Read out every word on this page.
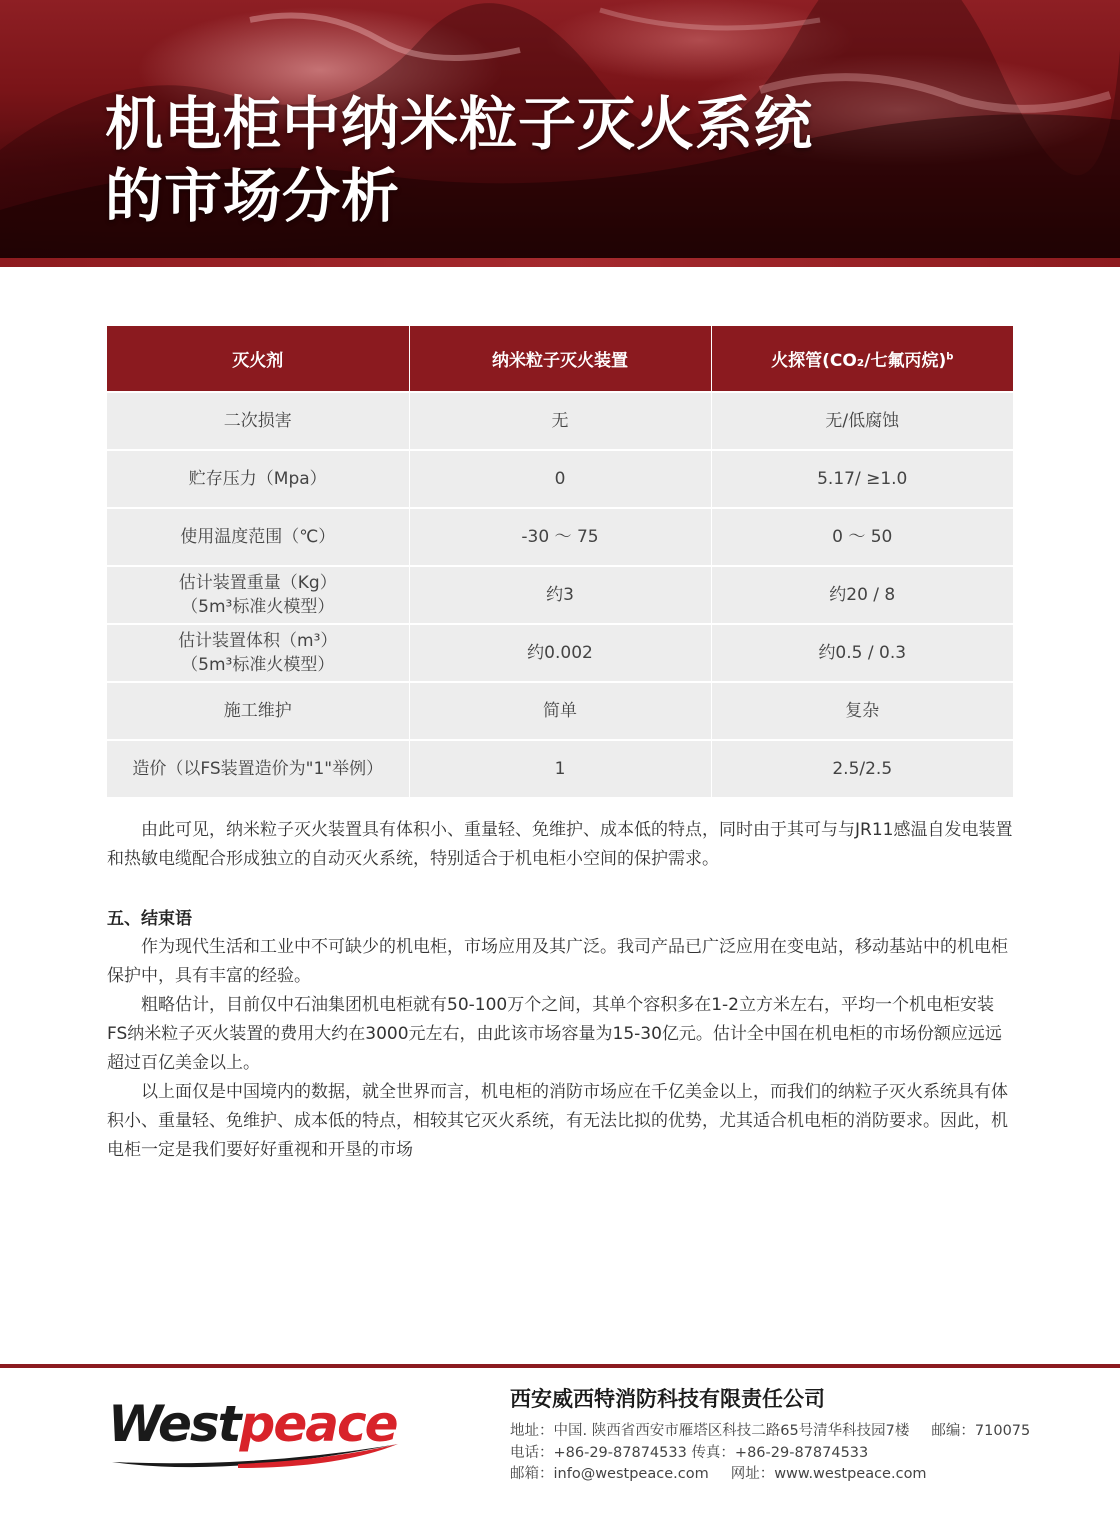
机电柜中纳米粒子灭火系统
的市场分析
灭火剂	纳米粒子灭火装置	火探管(CO₂/七氟丙烷)$^b$

二次损害	无	无/低腐蚀

贮存压力（Mpa）	0	5.17/ ≥1.0

使用温度范围（℃）	-30 ～ 75	0 ～ 50

估计装置重量（Kg）
（5m³标准火模型）	约3	约20 / 8

估计装置体积（m³）
（5m³标准火模型）	约0.002	约0.5 / 0.3

施工维护	简单	复杂

造价（以FS装置造价为"1"举例）	1	2.5/2.5

由此可见，纳米粒子灭火装置具有体积小、重量轻、免维护、成本低的特点，同时由于其可与与JR11感温自发电装置和热敏电缆配合形成独立的自动灭火系统，特别适合于机电柜小空间的保护需求。

五、结束语

作为现代生活和工业中不可缺少的机电柜，市场应用及其广泛。我司产品已广泛应用在变电站，移动基站中的机电柜保护中，具有丰富的经验。

粗略估计，目前仅中石油集团机电柜就有50-100万个之间，其单个容积多在1-2立方米左右，平均一个机电柜安装FS纳米粒子灭火装置的费用大约在3000元左右，由此该市场容量为15-30亿元。估计全中国在机电柜的市场份额应远远超过百亿美金以上。

以上面仅是中国境内的数据，就全世界而言，机电柜的消防市场应在千亿美金以上，而我们的纳粒子灭火系统具有体积小、重量轻、免维护、成本低的特点，相较其它灭火系统，有无法比拟的优势，尤其适合机电柜的消防要求。因此，机电柜一定是我们要好好重视和开垦的市场

Westpeace	西安威西特消防科技有限责任公司
地址：中国. 陕西省西安市雁塔区科技二路65号清华科技园7楼 邮编：710075
电话：+86-29-87874533 传真：+86-29-87874533
邮箱：info@westpeace.com 网址：www.westpeace.com
